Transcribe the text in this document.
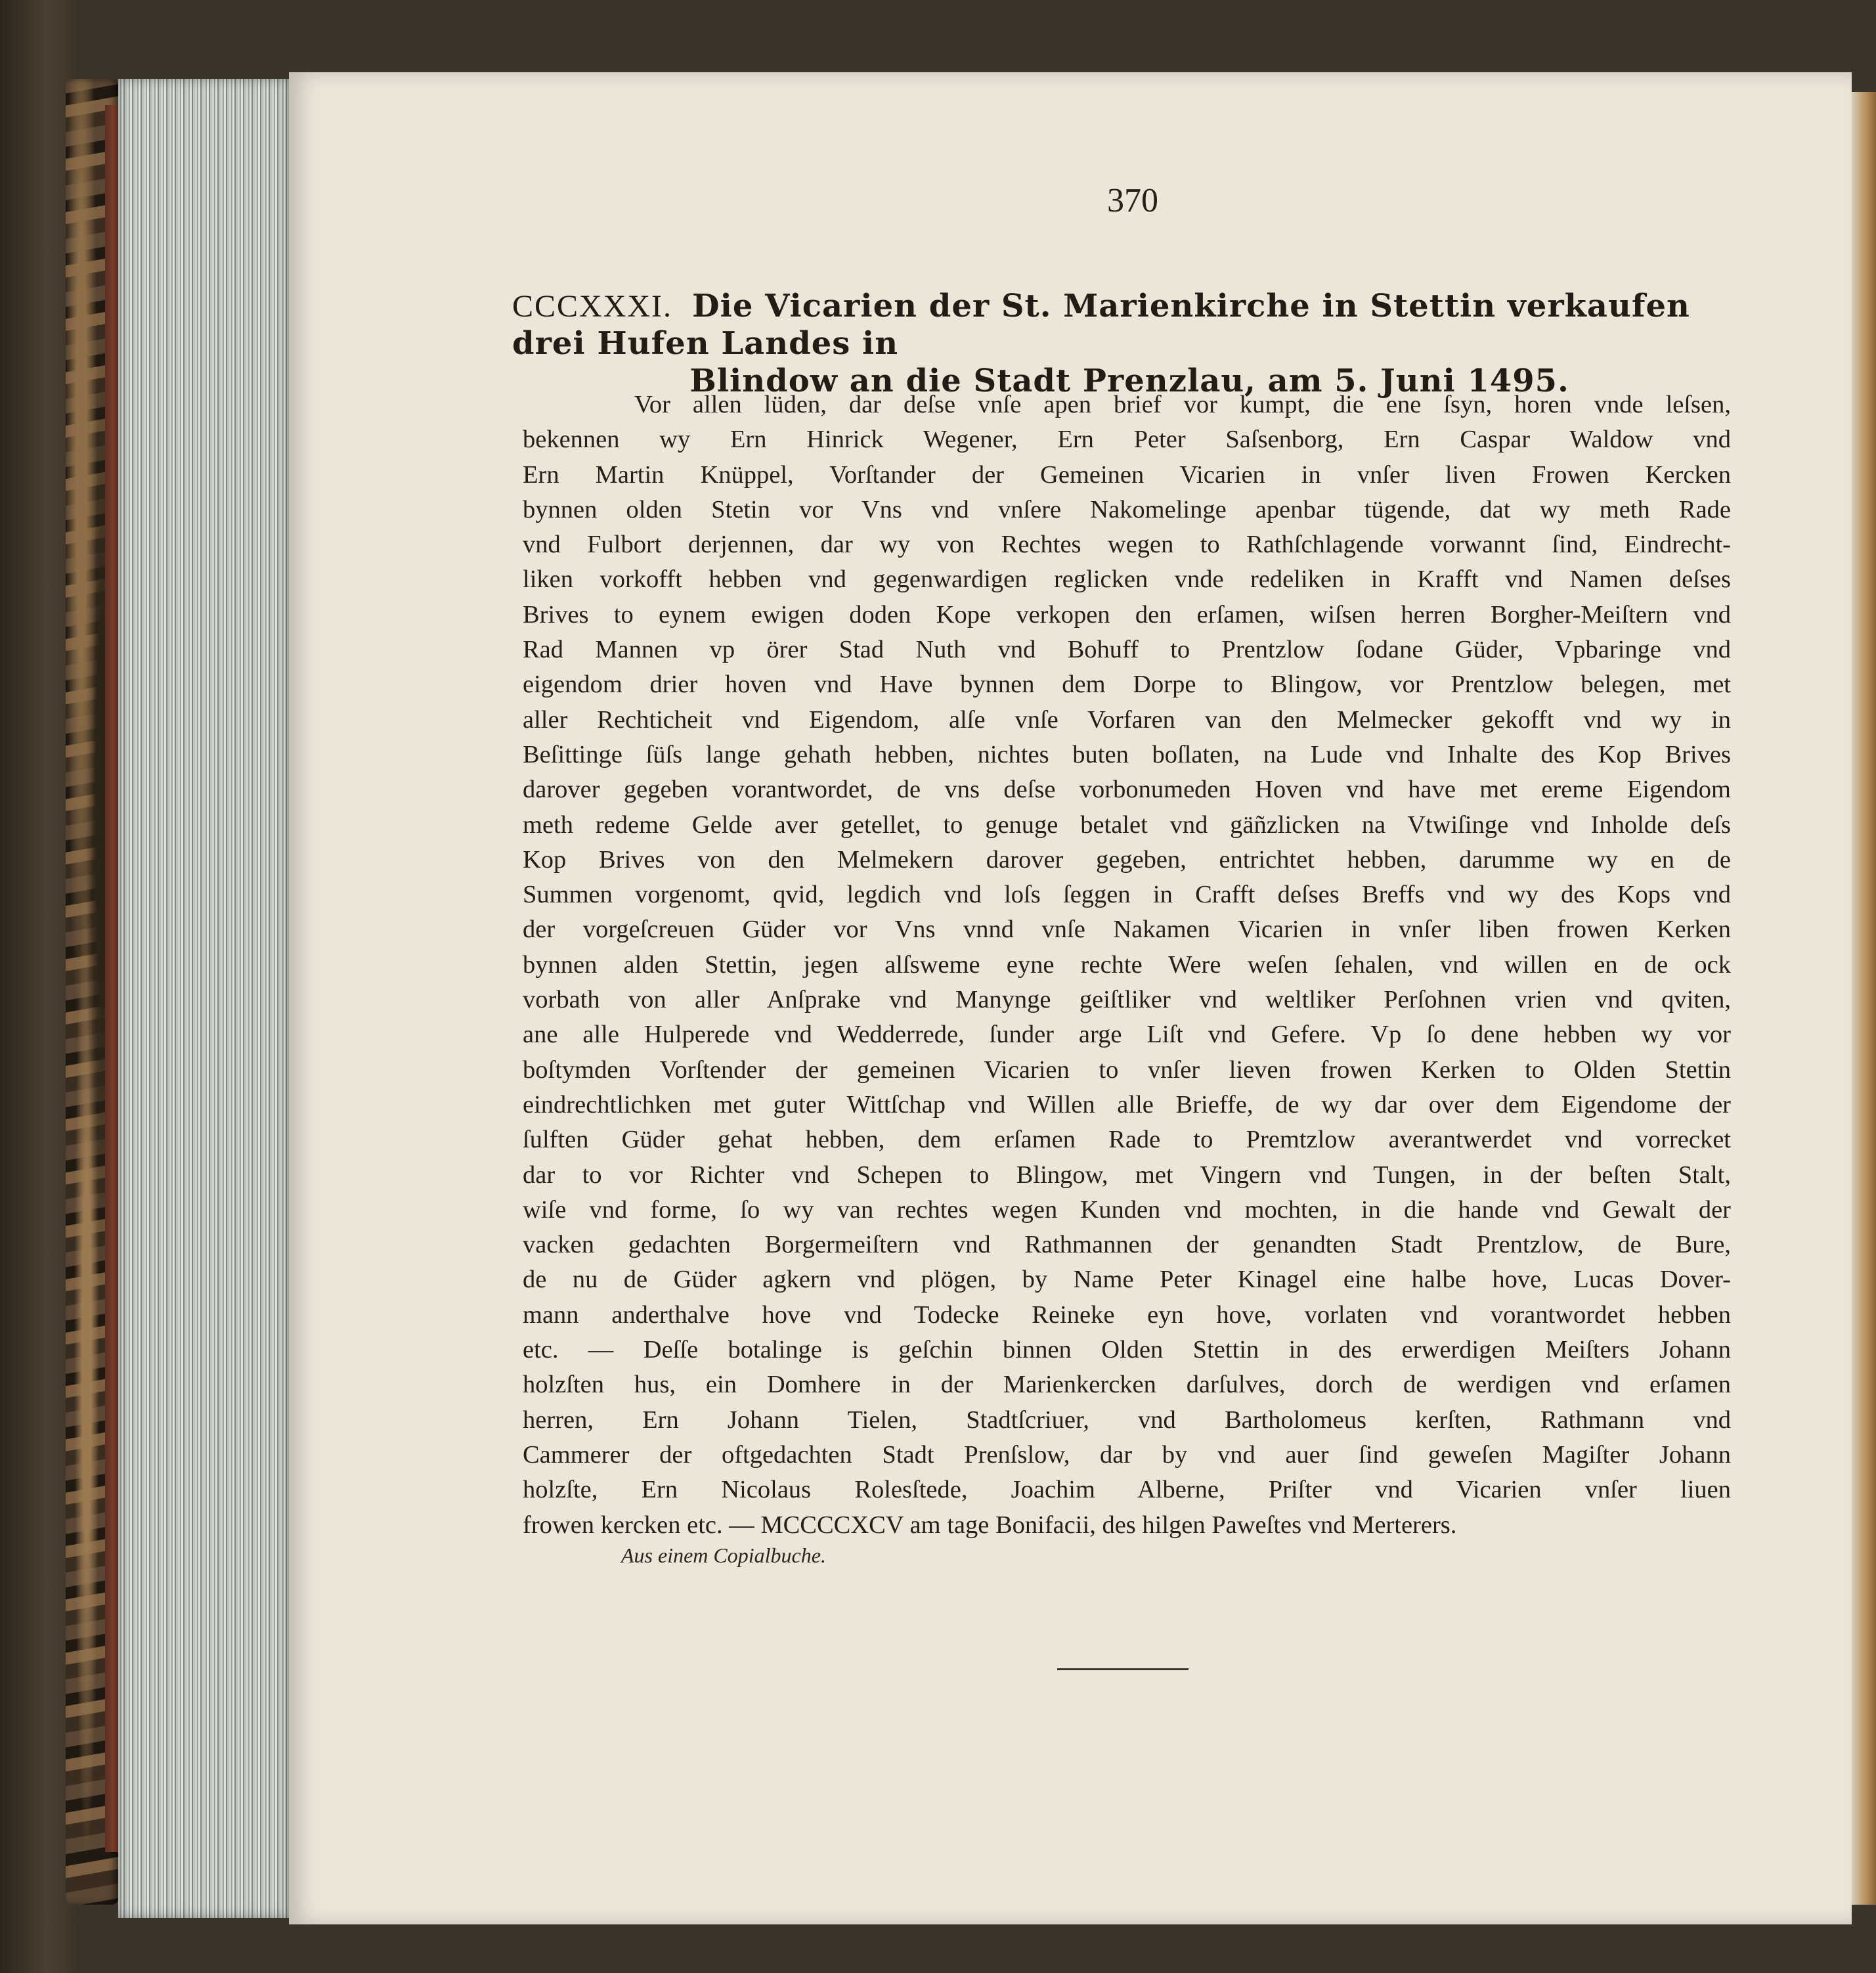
370
CCCXXXI. Die Vicarien der St. Marienkirche in Stettin verkaufen drei Hufen Landes in
Blindow an die Stadt Prenzlau, am 5. Juni 1495.
Vor allen lüden, dar deſse vnſe apen brief vor kumpt, die ene ſsyn, horen vnde leſsen,
bekennen wy Ern Hinrick Wegener, Ern Peter Saſsenborg, Ern Caspar Waldow vnd
Ern Martin Knüppel, Vorſtander der Gemeinen Vicarien in vnſer liven Frowen Kercken
bynnen olden Stetin vor Vns vnd vnſere Nakomelinge apenbar tügende, dat wy meth Rade
vnd Fulbort derjennen, dar wy von Rechtes wegen to Rathſchlagende vorwannt ſind, Eindrecht-
liken vorkofft hebben vnd gegenwardigen reglicken vnde redeliken in Krafft vnd Namen deſses
Brives to eynem ewigen doden Kope verkopen den erſamen, wiſsen herren Borgher-Meiſtern vnd
Rad Mannen vp örer Stad Nuth vnd Bohuff to Prentzlow ſodane Güder, Vpbaringe vnd
eigendom drier hoven vnd Have bynnen dem Dorpe to Blingow, vor Prentzlow belegen, met
aller Rechticheit vnd Eigendom, alſe vnſe Vorfaren van den Melmecker gekofft vnd wy in
Beſittinge ſüſs lange gehath hebben, nichtes buten boſlaten, na Lude vnd Inhalte des Kop Brives
darover gegeben vorantwordet, de vns deſse vorbonumeden Hoven vnd have met ereme Eigendom
meth redeme Gelde aver getellet, to genuge betalet vnd gäñzlicken na Vtwiſinge vnd Inholde deſs
Kop Brives von den Melmekern darover gegeben, entrichtet hebben, darumme wy en de
Summen vorgenomt, qvid, legdich vnd loſs ſeggen in Crafft deſses Breffs vnd wy des Kops vnd
der vorgeſcreuen Güder vor Vns vnnd vnſe Nakamen Vicarien in vnſer liben frowen Kerken
bynnen alden Stettin, jegen alſsweme eyne rechte Were weſen ſehalen, vnd willen en de ock
vorbath von aller Anſprake vnd Manynge geiſtliker vnd weltliker Perſohnen vrien vnd qviten,
ane alle Hulperede vnd Wedderrede, ſunder arge Liſt vnd Gefere. Vp ſo dene hebben wy vor
boſtymden Vorſtender der gemeinen Vicarien to vnſer lieven frowen Kerken to Olden Stettin
eindrechtlichken met guter Wittſchap vnd Willen alle Brieffe, de wy dar over dem Eigendome der
ſulften Güder gehat hebben, dem erſamen Rade to Premtzlow averantwerdet vnd vorrecket
dar to vor Richter vnd Schepen to Blingow, met Vingern vnd Tungen, in der beſten Stalt,
wiſe vnd forme, ſo wy van rechtes wegen Kunden vnd mochten, in die hande vnd Gewalt der
vacken gedachten Borgermeiſtern vnd Rathmannen der genandten Stadt Prentzlow, de Bure,
de nu de Güder agkern vnd plögen, by Name Peter Kinagel eine halbe hove, Lucas Dover-
mann anderthalve hove vnd Todecke Reineke eyn hove, vorlaten vnd vorantwordet hebben
etc. — Deſſe botalinge is geſchin binnen Olden Stettin in des erwerdigen Meiſters Johann
holzſten hus, ein Domhere in der Marienkercken darſulves, dorch de werdigen vnd erſamen
herren, Ern Johann Tielen, Stadtſcriuer, vnd Bartholomeus kerſten, Rathmann vnd
Cammerer der oftgedachten Stadt Prenſslow, dar by vnd auer ſind geweſen Magiſter Johann
holzſte, Ern Nicolaus Rolesſtede, Joachim Alberne, Priſter vnd Vicarien vnſer liuen
frowen kercken etc. — MCCCCXCV am tage Bonifacii, des hilgen Paweſtes vnd Merterers.
Aus einem Copialbuche.
